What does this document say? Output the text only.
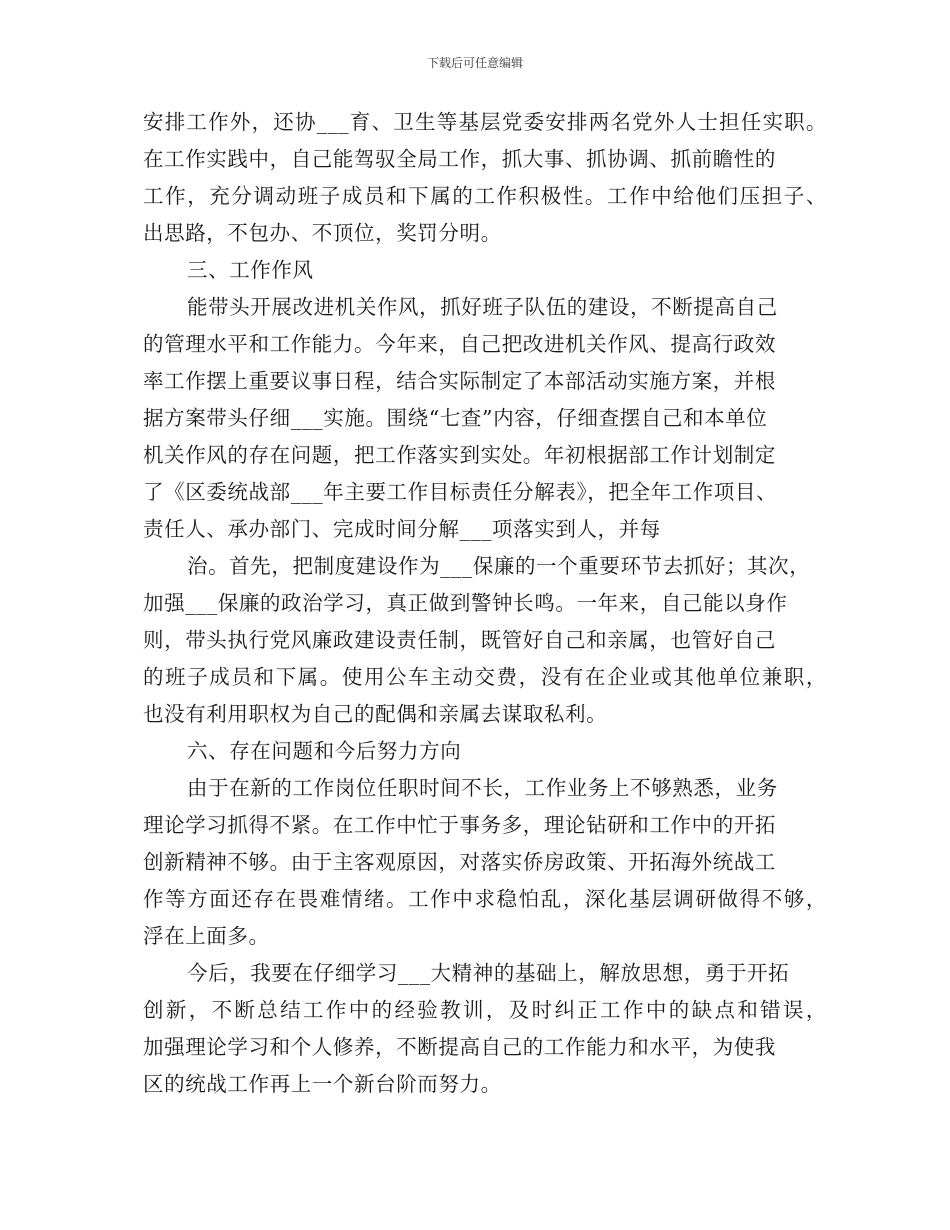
下载后可任意编辑
安排工作外，还协___育、卫生等基层党委安排两名党外人士担任实职。
在工作实践中，自己能驾驭全局工作，抓大事、抓协调、抓前瞻性的
工作，充分调动班子成员和下属的工作积极性。工作中给他们压担子、
出思路，不包办、不顶位，奖罚分明。
三、工作作风
能带头开展改进机关作风，抓好班子队伍的建设，不断提高自己
的管理水平和工作能力。今年来，自己把改进机关作风、提高行政效
率工作摆上重要议事日程，结合实际制定了本部活动实施方案，并根
据方案带头仔细___实施。围绕“七查”内容，仔细查摆自己和本单位
机关作风的存在问题，把工作落实到实处。年初根据部工作计划制定
了《区委统战部___年主要工作目标责任分解表》，把全年工作项目、
责任人、承办部门、完成时间分解___项落实到人，并每
治。首先，把制度建设作为___保廉的一个重要环节去抓好；其次，
加强___保廉的政治学习，真正做到警钟长鸣。一年来，自己能以身作
则，带头执行党风廉政建设责任制，既管好自己和亲属，也管好自己
的班子成员和下属。使用公车主动交费，没有在企业或其他单位兼职，
也没有利用职权为自己的配偶和亲属去谋取私利。
六、存在问题和今后努力方向
由于在新的工作岗位任职时间不长，工作业务上不够熟悉，业务
理论学习抓得不紧。在工作中忙于事务多，理论钻研和工作中的开拓
创新精神不够。由于主客观原因，对落实侨房政策、开拓海外统战工
作等方面还存在畏难情绪。工作中求稳怕乱，深化基层调研做得不够，
浮在上面多。
今后，我要在仔细学习___大精神的基础上，解放思想，勇于开拓
创新，不断总结工作中的经验教训，及时纠正工作中的缺点和错误，
加强理论学习和个人修养，不断提高自己的工作能力和水平，为使我
区的统战工作再上一个新台阶而努力。
